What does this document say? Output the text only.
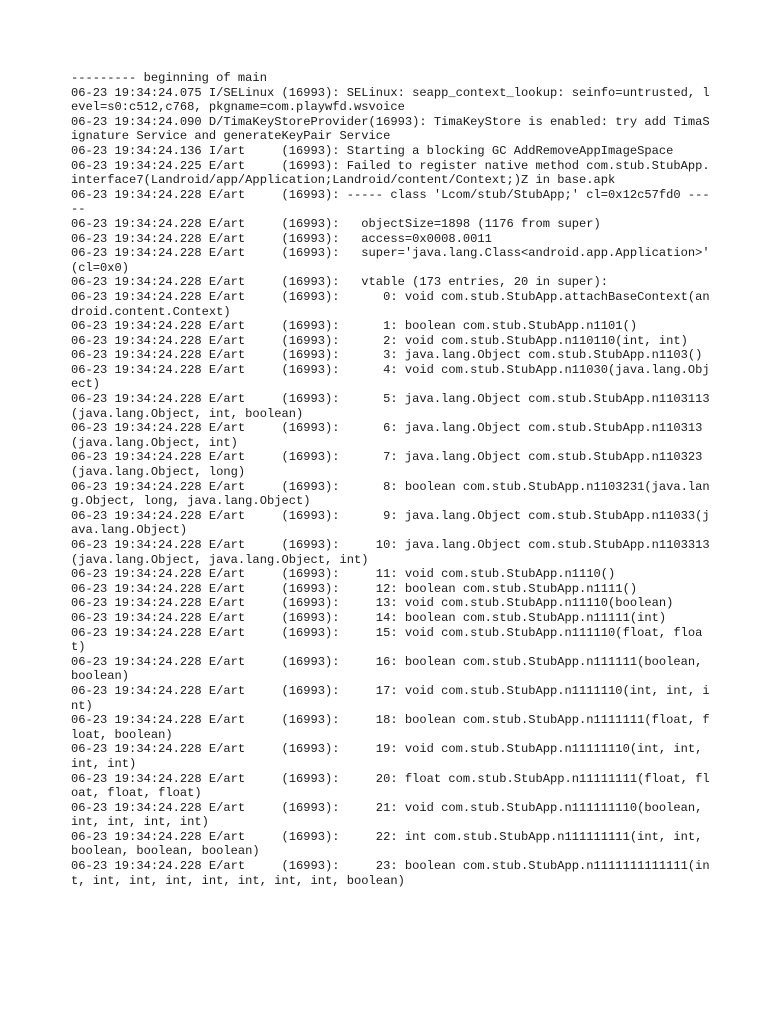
--------- beginning of main
06-23 19:34:24.075 I/SELinux (16993): SELinux: seapp_context_lookup: seinfo=untrusted, level=s0:c512,c768, pkgname=com.playwfd.wsvoice
06-23 19:34:24.090 D/TimaKeyStoreProvider(16993): TimaKeyStore is enabled: try add TimaSignature Service and generateKeyPair Service
06-23 19:34:24.136 I/art     (16993): Starting a blocking GC AddRemoveAppImageSpace
06-23 19:34:24.225 E/art     (16993): Failed to register native method com.stub.StubApp.interface7(Landroid/app/Application;Landroid/content/Context;)Z in base.apk
06-23 19:34:24.228 E/art     (16993): ----- class 'Lcom/stub/StubApp;' cl=0x12c57fd0 -----
06-23 19:34:24.228 E/art     (16993):   objectSize=1898 (1176 from super)
06-23 19:34:24.228 E/art     (16993):   access=0x0008.0011
06-23 19:34:24.228 E/art     (16993):   super='java.lang.Class<android.app.Application>' (cl=0x0)
06-23 19:34:24.228 E/art     (16993):   vtable (173 entries, 20 in super):
06-23 19:34:24.228 E/art     (16993):      0: void com.stub.StubApp.attachBaseContext(android.content.Context)
06-23 19:34:24.228 E/art     (16993):      1: boolean com.stub.StubApp.n1101()
06-23 19:34:24.228 E/art     (16993):      2: void com.stub.StubApp.n110110(int, int)
06-23 19:34:24.228 E/art     (16993):      3: java.lang.Object com.stub.StubApp.n1103()
06-23 19:34:24.228 E/art     (16993):      4: void com.stub.StubApp.n11030(java.lang.Object)
06-23 19:34:24.228 E/art     (16993):      5: java.lang.Object com.stub.StubApp.n1103113(java.lang.Object, int, boolean)
06-23 19:34:24.228 E/art     (16993):      6: java.lang.Object com.stub.StubApp.n110313(java.lang.Object, int)
06-23 19:34:24.228 E/art     (16993):      7: java.lang.Object com.stub.StubApp.n110323(java.lang.Object, long)
06-23 19:34:24.228 E/art     (16993):      8: boolean com.stub.StubApp.n1103231(java.lang.Object, long, java.lang.Object)
06-23 19:34:24.228 E/art     (16993):      9: java.lang.Object com.stub.StubApp.n11033(java.lang.Object)
06-23 19:34:24.228 E/art     (16993):     10: java.lang.Object com.stub.StubApp.n1103313(java.lang.Object, java.lang.Object, int)
06-23 19:34:24.228 E/art     (16993):     11: void com.stub.StubApp.n1110()
06-23 19:34:24.228 E/art     (16993):     12: boolean com.stub.StubApp.n1111()
06-23 19:34:24.228 E/art     (16993):     13: void com.stub.StubApp.n11110(boolean)
06-23 19:34:24.228 E/art     (16993):     14: boolean com.stub.StubApp.n11111(int)
06-23 19:34:24.228 E/art     (16993):     15: void com.stub.StubApp.n111110(float, float)
06-23 19:34:24.228 E/art     (16993):     16: boolean com.stub.StubApp.n111111(boolean, boolean)
06-23 19:34:24.228 E/art     (16993):     17: void com.stub.StubApp.n1111110(int, int, int)
06-23 19:34:24.228 E/art     (16993):     18: boolean com.stub.StubApp.n1111111(float, float, boolean)
06-23 19:34:24.228 E/art     (16993):     19: void com.stub.StubApp.n11111110(int, int, int, int)
06-23 19:34:24.228 E/art     (16993):     20: float com.stub.StubApp.n11111111(float, float, float, float)
06-23 19:34:24.228 E/art     (16993):     21: void com.stub.StubApp.n111111110(boolean, int, int, int, int)
06-23 19:34:24.228 E/art     (16993):     22: int com.stub.StubApp.n111111111(int, int, boolean, boolean, boolean)
06-23 19:34:24.228 E/art     (16993):     23: boolean com.stub.StubApp.n1111111111111(int, int, int, int, int, int, int, int, boolean)
